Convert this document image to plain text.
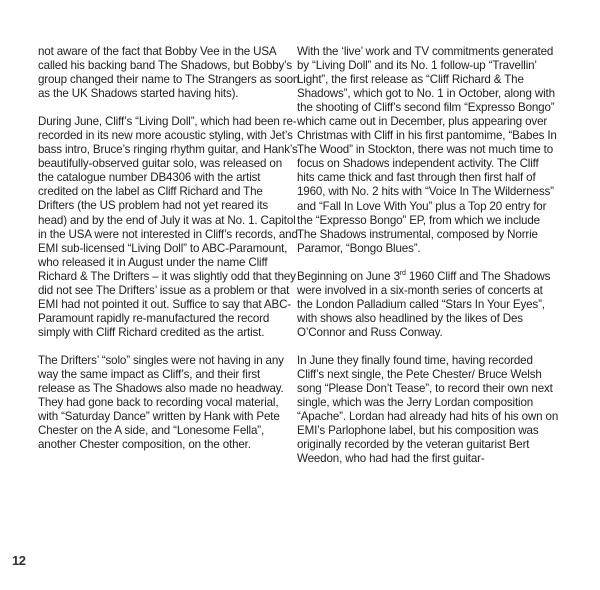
not aware of the fact that Bobby Vee in the USA called his backing band The Shadows, but Bobby’s group changed their name to The Strangers as soon as the UK Shadows started having hits).

During June, Cliff’s “Living Doll”, which had been re-recorded in its new more acoustic styling, with Jet’s bass intro, Bruce’s ringing rhythm guitar, and Hank’s beautifully-observed guitar solo, was released on the catalogue number DB4306 with the artist credited on the label as Cliff Richard and The Drifters (the US problem had not yet reared its head) and by the end of July it was at No. 1. Capitol in the USA were not interested in Cliff’s records, and EMI sub-licensed “Living Doll” to ABC-Paramount, who released it in August under the name Cliff Richard & The Drifters – it was slightly odd that they did not see The Drifters’ issue as a problem or that EMI had not pointed it out. Suffice to say that ABC-Paramount rapidly re-manufactured the record simply with Cliff Richard credited as the artist.

The Drifters’ “solo” singles were not having in any way the same impact as Cliff’s, and their first release as The Shadows also made no headway. They had gone back to recording vocal material, with “Saturday Dance” written by Hank with Pete Chester on the A side, and “Lonesome Fella”, another Chester composition, on the other.

With the ‘live’ work and TV commitments generated by “Living Doll” and its No. 1 follow-up “Travellin’ Light”, the first release as “Cliff Richard & The Shadows”, which got to No. 1 in October, along with the shooting of Cliff’s second film “Expresso Bongo” which came out in December, plus appearing over Christmas with Cliff in his first pantomime, “Babes In The Wood” in Stockton, there was not much time to focus on Shadows independent activity. The Cliff hits came thick and fast through then first half of 1960, with No. 2 hits with “Voice In The Wilderness” and “Fall In Love With You” plus a Top 20 entry for the “Expresso Bongo” EP, from which we include The Shadows instrumental, composed by Norrie Paramor, “Bongo Blues”.

Beginning on June 3rd 1960 Cliff and The Shadows were involved in a six-month series of concerts at the London Palladium called “Stars In Your Eyes”, with shows also headlined by the likes of Des O’Connor and Russ Conway.

In June they finally found time, having recorded Cliff’s next single, the Pete Chester/ Bruce Welsh song “Please Don’t Tease”, to record their own next single, which was the Jerry Lordan composition “Apache”. Lordan had already had hits of his own on EMI’s Parlophone label, but his composition was originally recorded by the veteran guitarist Bert Weedon, who had had the first guitar-

12
